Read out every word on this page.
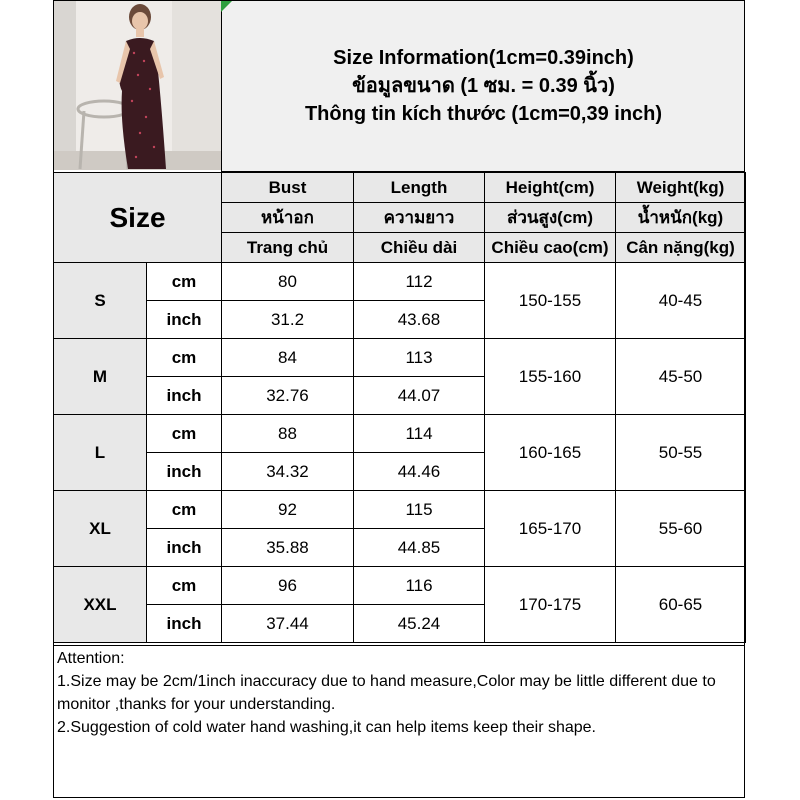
Size Information(1cm=0.39inch)
ข้อมูลขนาด (1 ซม. = 0.39 นิ้ว)
Thông tin kích thước (1cm=0,39 inch)
Size		Bust	Length	Height(cm)	Weight(kg)
		หน้าอก	ความยาว	ส่วนสูง(cm)	น้ำหนัก(kg)
		Trang chủ	Chiều dài	Chiều cao(cm)	Cân nặng(kg)
S	cm	80	112	150-155	40-45
	inch	31.2	43.68		
M	cm	84	113	155-160	45-50
	inch	32.76	44.07		
L	cm	88	114	160-165	50-55
	inch	34.32	44.46		
XL	cm	92	115	165-170	55-60
	inch	35.88	44.85		
XXL	cm	96	116	170-175	60-65
	inch	37.44	45.24		
Attention:
1.Size may be 2cm/1inch inaccuracy due to hand measure,Color may be little different due to monitor ,thanks for your understanding.
2.Suggestion of cold water hand washing,it can help items keep their shape.
